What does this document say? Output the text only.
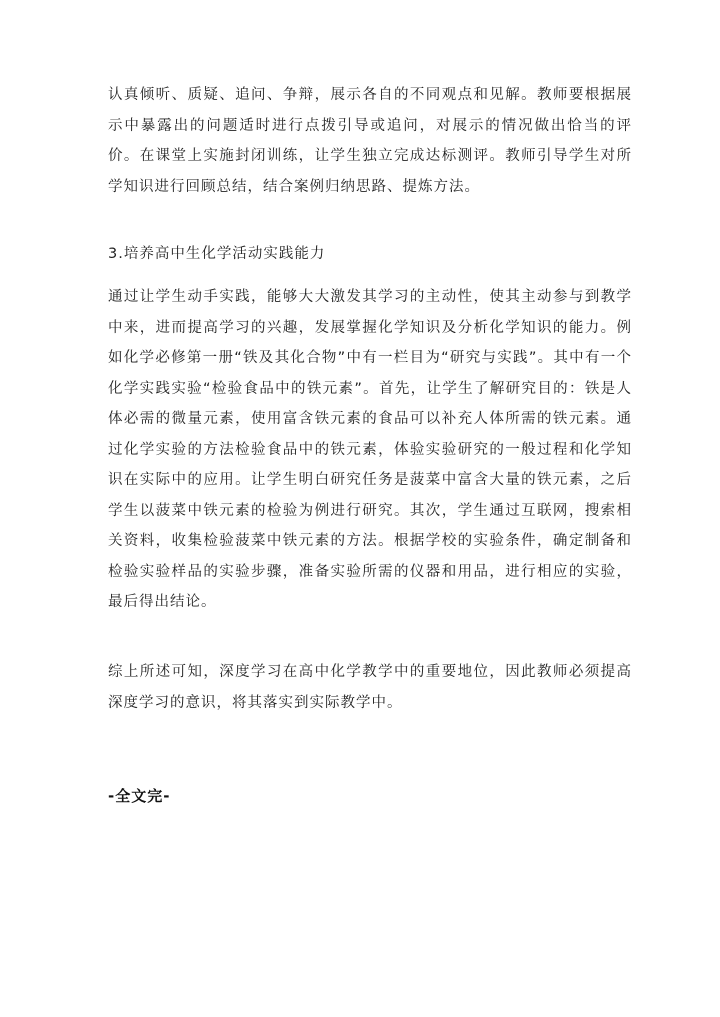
认真倾听、质疑、追问、争辩，展示各自的不同观点和见解。教师要根据展示中暴露出的问题适时进行点拨引导或追问，对展示的情况做出恰当的评价。在课堂上实施封闭训练，让学生独立完成达标测评。教师引导学生对所学知识进行回顾总结，结合案例归纳思路、提炼方法。

3.培养高中生化学活动实践能力

通过让学生动手实践，能够大大激发其学习的主动性，使其主动参与到教学中来，进而提高学习的兴趣，发展掌握化学知识及分析化学知识的能力。例如化学必修第一册“铁及其化合物”中有一栏目为“研究与实践”。其中有一个化学实践实验“检验食品中的铁元素”。首先，让学生了解研究目的：铁是人体必需的微量元素，使用富含铁元素的食品可以补充人体所需的铁元素。通过化学实验的方法检验食品中的铁元素，体验实验研究的一般过程和化学知识在实际中的应用。让学生明白研究任务是菠菜中富含大量的铁元素，之后学生以菠菜中铁元素的检验为例进行研究。其次，学生通过互联网，搜索相关资料，收集检验菠菜中铁元素的方法。根据学校的实验条件，确定制备和检验实验样品的实验步骤，准备实验所需的仪器和用品，进行相应的实验，最后得出结论。

综上所述可知，深度学习在高中化学教学中的重要地位，因此教师必须提高深度学习的意识，将其落实到实际教学中。

-全文完-
